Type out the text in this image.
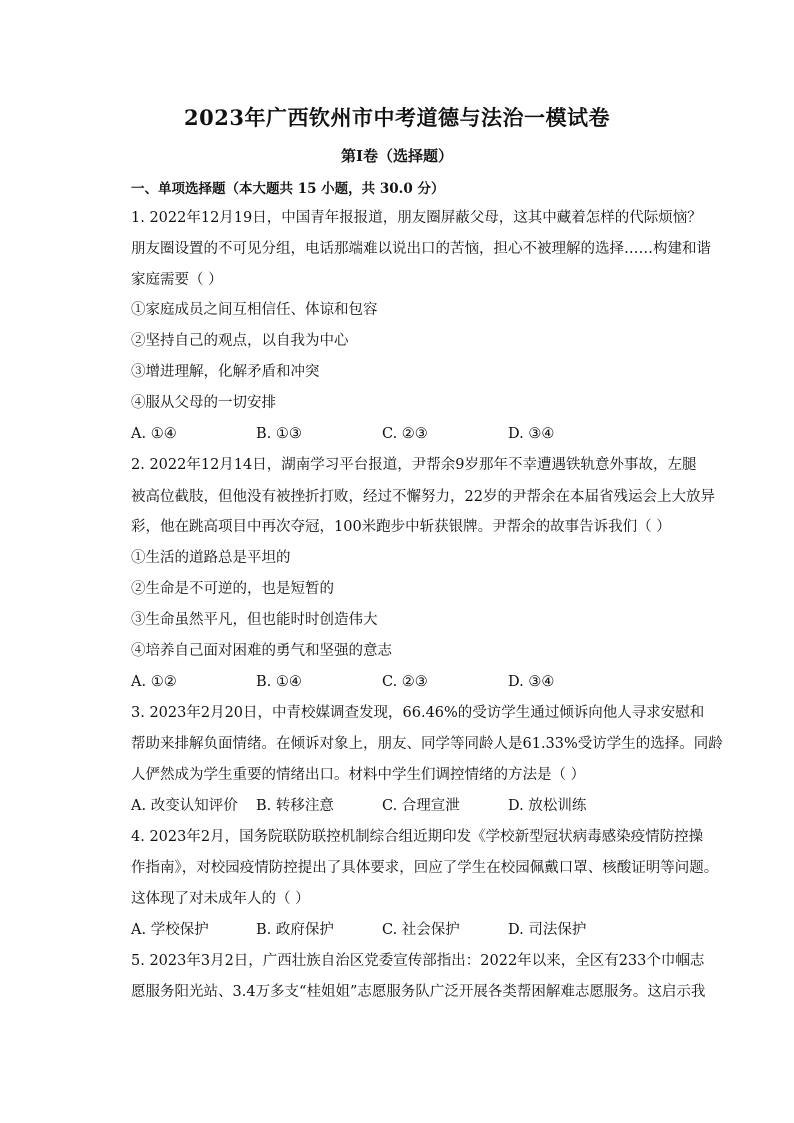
2023年广西钦州市中考道德与法治一模试卷
第I卷（选择题）
一、单项选择题（本大题共 15 小题，共 30.0 分）
1. 2022年12月19日，中国青年报报道，朋友圈屏蔽父母，这其中藏着怎样的代际烦恼？
朋友圈设置的不可见分组，电话那端难以说出口的苦恼，担心不被理解的选择……构建和谐
家庭需要（ ）
①家庭成员之间互相信任、体谅和包容
②坚持自己的观点，以自我为中心
③增进理解，化解矛盾和冲突
④服从父母的一切安排
A. ①④	B. ①③	C. ②③	D. ③④
2. 2022年12月14日，湖南学习平台报道，尹帮余9岁那年不幸遭遇铁轨意外事故，左腿
被高位截肢，但他没有被挫折打败，经过不懈努力，22岁的尹帮余在本届省残运会上大放异
彩，他在跳高项目中再次夺冠，100米跑步中斩获银牌。尹帮余的故事告诉我们（ ）
①生活的道路总是平坦的
②生命是不可逆的，也是短暂的
③生命虽然平凡，但也能时时创造伟大
④培养自己面对困难的勇气和坚强的意志
A. ①②	B. ①④	C. ②③	D. ③④
3. 2023年2月20日，中青校媒调查发现，66.46%的受访学生通过倾诉向他人寻求安慰和
帮助来排解负面情绪。在倾诉对象上，朋友、同学等同龄人是61.33%受访学生的选择。同龄
人俨然成为学生重要的情绪出口。材料中学生们调控情绪的方法是（ ）
A. 改变认知评价 B. 转移注意	C. 合理宣泄	D. 放松训练
4. 2023年2月，国务院联防联控机制综合组近期印发《学校新型冠状病毒感染疫情防控操
作指南》，对校园疫情防控提出了具体要求，回应了学生在校园佩戴口罩、核酸证明等问题。
这体现了对未成年人的（ ）
A. 学校保护	B. 政府保护	C. 社会保护	D. 司法保护
5. 2023年3月2日，广西壮族自治区党委宣传部指出：2022年以来，全区有233个巾帼志
愿服务阳光站、3.4万多支“桂姐姐”志愿服务队广泛开展各类帮困解难志愿服务。这启示我
